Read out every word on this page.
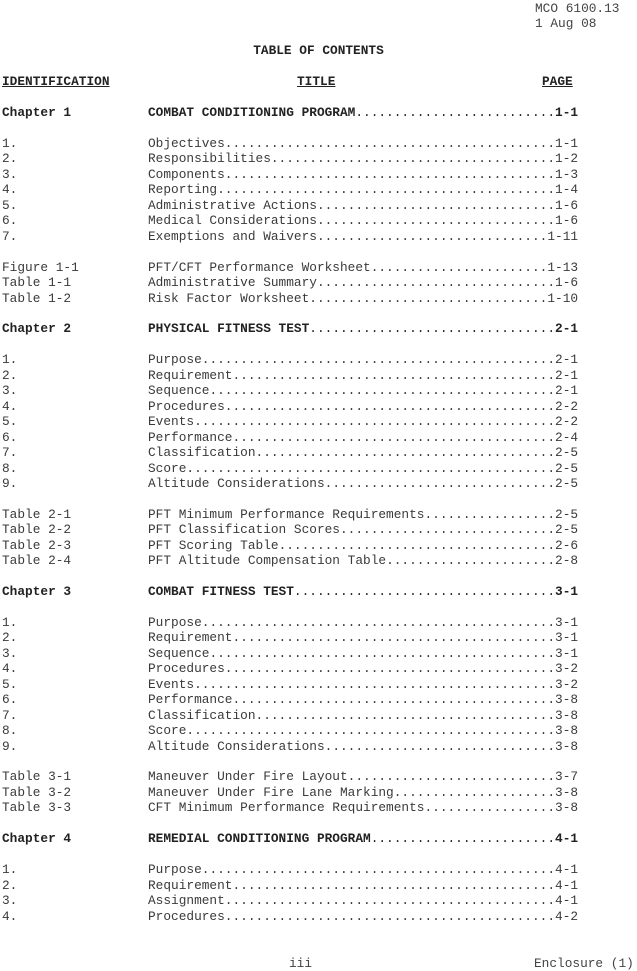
MCO 6100.13
1 Aug 08
TABLE OF CONTENTS
IDENTIFICATION	TITLE	PAGE
Chapter 1	COMBAT CONDITIONING PROGRAM..........................1-1
1.	Objectives...........................................1-1
2.	Responsibilities.....................................1-2
3.	Components...........................................1-3
4.	Reporting............................................1-4
5.	Administrative Actions...............................1-6
6.	Medical Considerations...............................1-6
7.	Exemptions and Waivers..............................1-11
Figure 1-1	PFT/CFT Performance Worksheet.......................1-13
Table 1-1	Administrative Summary...............................1-6
Table 1-2	Risk Factor Worksheet...............................1-10
Chapter 2	PHYSICAL FITNESS TEST................................2-1
1.	Purpose..............................................2-1
2.	Requirement..........................................2-1
3.	Sequence.............................................2-1
4.	Procedures...........................................2-2
5.	Events...............................................2-2
6.	Performance..........................................2-4
7.	Classification.......................................2-5
8.	Score................................................2-5
9.	Altitude Considerations..............................2-5
Table 2-1	PFT Minimum Performance Requirements.................2-5
Table 2-2	PFT Classification Scores............................2-5
Table 2-3	PFT Scoring Table....................................2-6
Table 2-4	PFT Altitude Compensation Table......................2-8
Chapter 3	COMBAT FITNESS TEST..................................3-1
1.	Purpose..............................................3-1
2.	Requirement..........................................3-1
3.	Sequence.............................................3-1
4.	Procedures...........................................3-2
5.	Events...............................................3-2
6.	Performance..........................................3-8
7.	Classification.......................................3-8
8.	Score................................................3-8
9.	Altitude Considerations..............................3-8
Table 3-1	Maneuver Under Fire Layout...........................3-7
Table 3-2	Maneuver Under Fire Lane Marking.....................3-8
Table 3-3	CFT Minimum Performance Requirements.................3-8
Chapter 4	REMEDIAL CONDITIONING PROGRAM........................4-1
1.	Purpose..............................................4-1
2.	Requirement..........................................4-1
3.	Assignment...........................................4-1
4.	Procedures...........................................4-2
iii	Enclosure (1)
